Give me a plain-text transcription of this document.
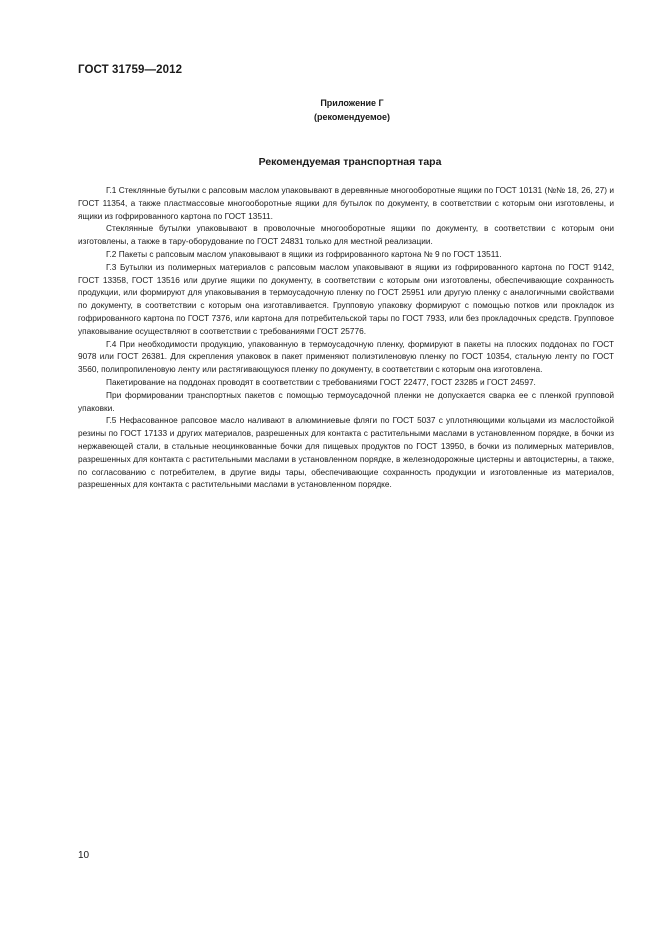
ГОСТ 31759—2012
Приложение Г
(рекомендуемое)
Рекомендуемая транспортная тара

Г.1 Стеклянные бутылки с рапсовым маслом упаковывают в деревянные многооборотные ящики по ГОСТ 10131 (№№ 18, 26, 27) и ГОСТ 11354, а также пластмассовые многооборотные ящики для бутылок по документу, в соответствии с которым они изготовлены, и ящики из гофрированного картона по ГОСТ 13511.

Стеклянные бутылки упаковывают в проволочные многооборотные ящики по документу, в соответствии с которым они изготовлены, а также в тару-оборудование по ГОСТ 24831 только для местной реализации.

Г.2 Пакеты с рапсовым маслом упаковывают в ящики из гофрированного картона № 9 по ГОСТ 13511.

Г.3 Бутылки из полимерных материалов с рапсовым маслом упаковывают в ящики из гофрированного картона по ГОСТ 9142, ГОСТ 13358, ГОСТ 13516 или другие ящики по документу, в соответствии с которым они изготовлены, обеспечивающие сохранность продукции, или формируют для упаковывания в термоусадочную пленку по ГОСТ 25951 или другую пленку с аналогичными свойствами по документу, в соответствии с которым она изготавливается. Групповую упаковку формируют с помощью потков или прокладок из гофрированного картона по ГОСТ 7376, или картона для потребительской тары по ГОСТ 7933, или без прокладочных средств. Групповое упаковывание осуществляют в соответствии с требованиями ГОСТ 25776.

Г.4 При необходимости продукцию, упакованную в термоусадочную пленку, формируют в пакеты на плоских поддонах по ГОСТ 9078 или ГОСТ 26381. Для скрепления упаковок в пакет применяют полиэтиленовую пленку по ГОСТ 10354, стальную ленту по ГОСТ 3560, полипропиленовую ленту или растягивающуюся пленку по документу, в соответствии с которым она изготовлена.

Пакетирование на поддонах проводят в соответствии с требованиями ГОСТ 22477, ГОСТ 23285 и ГОСТ 24597.

При формировании транспортных пакетов с помощью термоусадочной пленки не допускается сварка ее с пленкой групповой упаковки.

Г.5 Нефасованное рапсовое масло наливают в алюминиевые фляги по ГОСТ 5037 с уплотняющими кольцами из маслостойкой резины по ГОСТ 17133 и других материалов, разрешенных для контакта с растительными маслами в установленном порядке, в бочки из нержавеющей стали, в стальные неоцинкованные бочки для пищевых продуктов по ГОСТ 13950, в бочки из полимерных материвлов, разрешенных для контакта с растительными маслами в установленном порядке, в железнодорожные цистерны и автоцистерны, а также, по согласованию с потребителем, в другие виды тары, обеспечивающие сохранность продукции и изготовленные из материалов, разрешенных для контакта с растительными маслами в установленном порядке.

10
